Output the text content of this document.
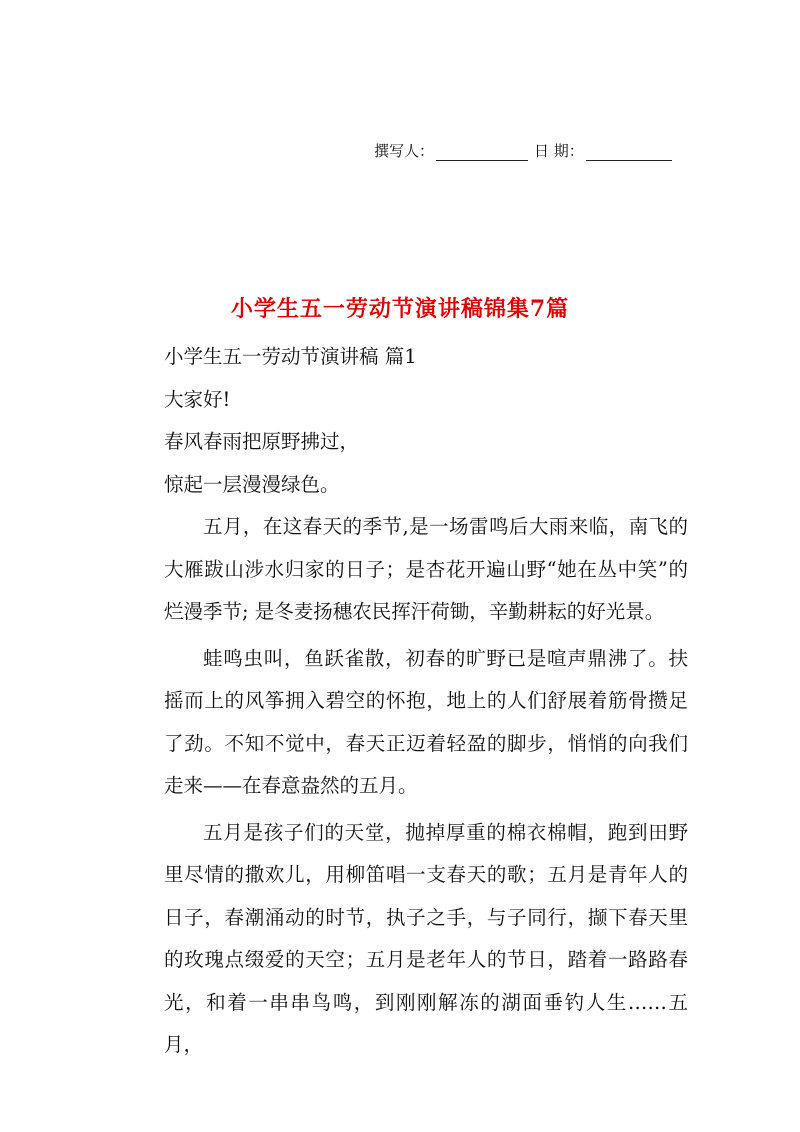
撰写人：	日 期：
小学生五一劳动节演讲稿锦集7篇

小学生五一劳动节演讲稿 篇1

大家好!

春风春雨把原野拂过，

惊起一层漫漫绿色。

五月，在这春天的季节,是一场雷鸣后大雨来临，南飞的大雁跋山涉水归家的日子；是杏花开遍山野“她在丛中笑”的烂漫季节; 是冬麦扬穗农民挥汗荷锄，辛勤耕耘的好光景。

蛙鸣虫叫，鱼跃雀散，初春的旷野已是喧声鼎沸了。扶摇而上的风筝拥入碧空的怀抱，地上的人们舒展着筋骨攒足了劲。不知不觉中，春天正迈着轻盈的脚步，悄悄的向我们走来——在春意盎然的五月。

五月是孩子们的天堂，抛掉厚重的棉衣棉帽，跑到田野里尽情的撒欢儿，用柳笛唱一支春天的歌；五月是青年人的日子，春潮涌动的时节，执子之手，与子同行，撷下春天里的玫瑰点缀爱的天空；五月是老年人的节日，踏着一路路春光，和着一串串鸟鸣，到刚刚解冻的湖面垂钓人生……五月，
